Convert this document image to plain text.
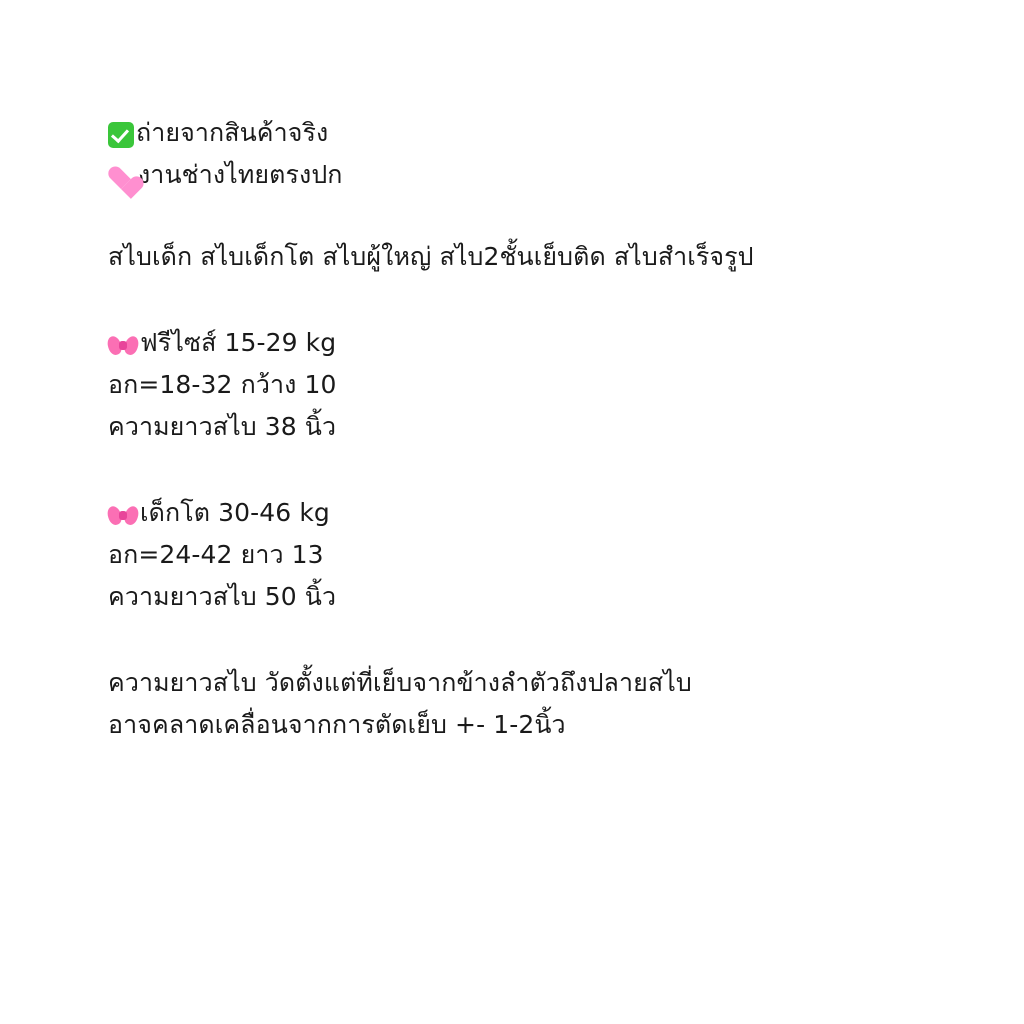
ถ่ายจากสินค้าจริง
งานช่างไทยตรงปก
สไบเด็ก สไบเด็กโต สไบผู้ใหญ่ สไบ2ชั้นเย็บติด สไบสำเร็จรูป

ฟรีไซส์ 15-29 kg
อก=18-32 กว้าง 10
ความยาวสไบ 38 นิ้ว

เด็กโต 30-46 kg
อก=24-42 ยาว 13
ความยาวสไบ 50 นิ้ว
ความยาวสไบ วัดตั้งแต่ที่เย็บจากข้างลำตัวถึงปลายสไบ
อาจคลาดเคลื่อนจากการตัดเย็บ +- 1-2นิ้ว
